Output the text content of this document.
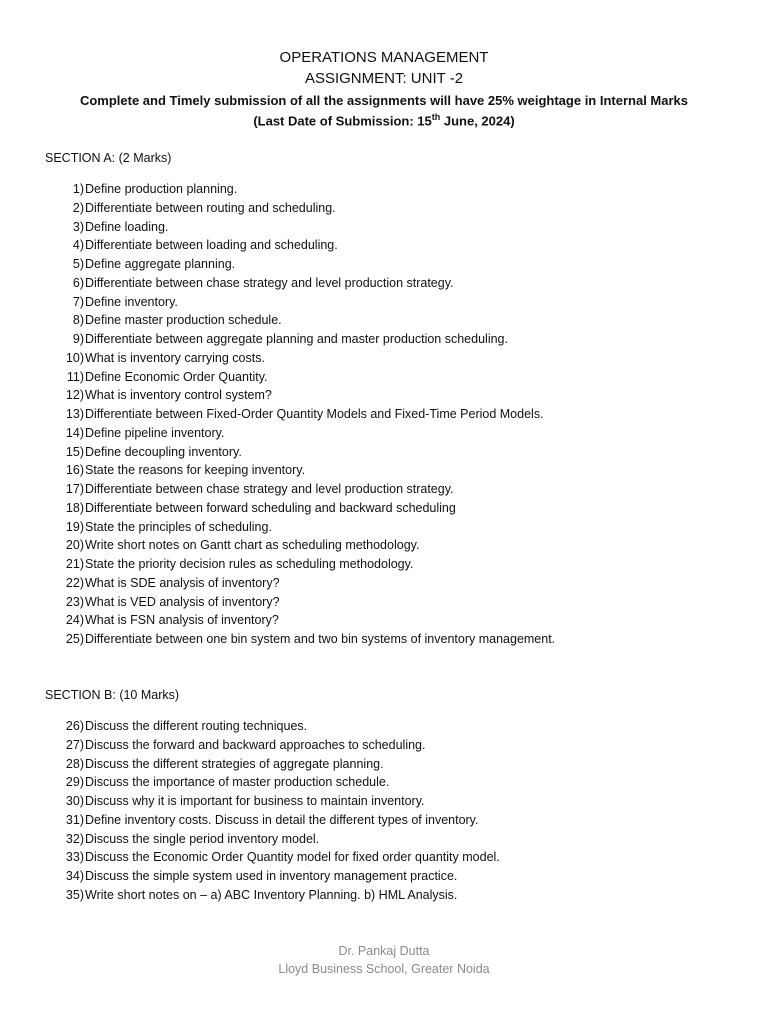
OPERATIONS MANAGEMENT
ASSIGNMENT: UNIT -2
Complete and Timely submission of all the assignments will have 25% weightage in Internal Marks
(Last Date of Submission: 15th June, 2024)
SECTION A: (2 Marks)
1) Define production planning.
2) Differentiate between routing and scheduling.
3) Define loading.
4) Differentiate between loading and scheduling.
5) Define aggregate planning.
6) Differentiate between chase strategy and level production strategy.
7) Define inventory.
8) Define master production schedule.
9) Differentiate between aggregate planning and master production scheduling.
10) What is inventory carrying costs.
11) Define Economic Order Quantity.
12) What is inventory control system?
13) Differentiate between Fixed-Order Quantity Models and Fixed-Time Period Models.
14) Define pipeline inventory.
15) Define decoupling inventory.
16) State the reasons for keeping inventory.
17) Differentiate between chase strategy and level production strategy.
18) Differentiate between forward scheduling and backward scheduling
19) State the principles of scheduling.
20) Write short notes on Gantt chart as scheduling methodology.
21) State the priority decision rules as scheduling methodology.
22) What is SDE analysis of inventory?
23) What is VED analysis of inventory?
24) What is FSN analysis of inventory?
25) Differentiate between one bin system and two bin systems of inventory management.
SECTION B: (10 Marks)
26) Discuss the different routing techniques.
27) Discuss the forward and backward approaches to scheduling.
28) Discuss the different strategies of aggregate planning.
29) Discuss the importance of master production schedule.
30) Discuss why it is important for business to maintain inventory.
31) Define inventory costs. Discuss in detail the different types of inventory.
32) Discuss the single period inventory model.
33) Discuss the Economic Order Quantity model for fixed order quantity model.
34) Discuss the simple system used in inventory management practice.
35) Write short notes on – a) ABC Inventory Planning. b) HML Analysis.
Dr. Pankaj Dutta
Lloyd Business School, Greater Noida
